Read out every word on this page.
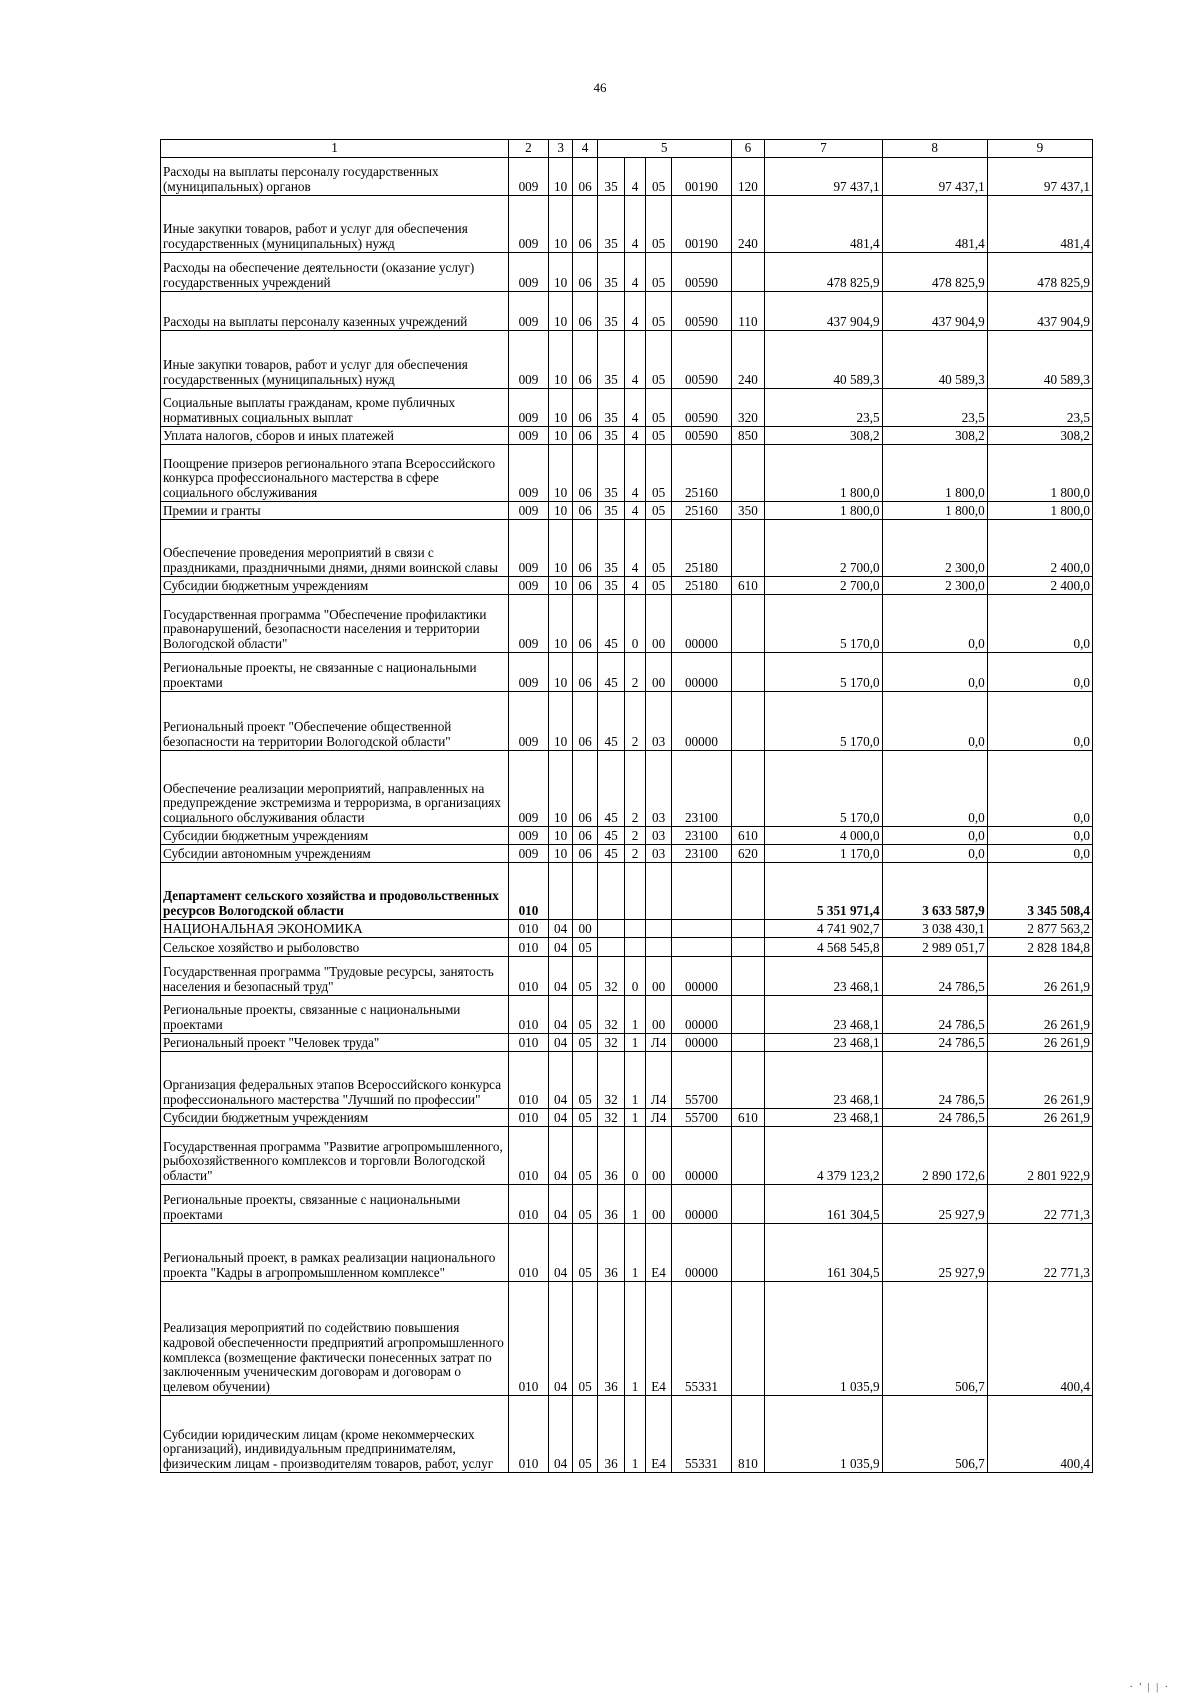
46
1	2	3	4	5				6	7	8	9
Расходы на выплаты персоналу государственных (муниципальных) органов	009	10	06	35	4	05	00190	120	97 437,1	97 437,1	97 437,1
Иные закупки товаров, работ и услуг для обеспечения государственных (муниципальных) нужд	009	10	06	35	4	05	00190	240	481,4	481,4	481,4
Расходы на обеспечение деятельности (оказание услуг) государственных учреждений	009	10	06	35	4	05	00590		478 825,9	478 825,9	478 825,9
Расходы на выплаты персоналу казенных учреждений	009	10	06	35	4	05	00590	110	437 904,9	437 904,9	437 904,9
Иные закупки товаров, работ и услуг для обеспечения государственных (муниципальных) нужд	009	10	06	35	4	05	00590	240	40 589,3	40 589,3	40 589,3
Социальные выплаты гражданам, кроме публичных нормативных социальных выплат	009	10	06	35	4	05	00590	320	23,5	23,5	23,5
Уплата налогов, сборов и иных платежей	009	10	06	35	4	05	00590	850	308,2	308,2	308,2
Поощрение призеров регионального этапа Всероссийского конкурса профессионального мастерства в сфере социального обслуживания	009	10	06	35	4	05	25160		1 800,0	1 800,0	1 800,0
Премии и гранты	009	10	06	35	4	05	25160	350	1 800,0	1 800,0	1 800,0
Обеспечение проведения мероприятий в связи с праздниками, праздничными днями, днями воинской славы	009	10	06	35	4	05	25180		2 700,0	2 300,0	2 400,0
Субсидии бюджетным учреждениям	009	10	06	35	4	05	25180	610	2 700,0	2 300,0	2 400,0
Государственная программа "Обеспечение профилактики правонарушений, безопасности населения и территории Вологодской области"	009	10	06	45	0	00	00000		5 170,0	0,0	0,0
Региональные проекты, не связанные с национальными проектами	009	10	06	45	2	00	00000		5 170,0	0,0	0,0
Региональный проект "Обеспечение общественной безопасности на территории Вологодской области"	009	10	06	45	2	03	00000		5 170,0	0,0	0,0
Обеспечение реализации мероприятий, направленных на предупреждение экстремизма и терроризма, в организациях социального обслуживания области	009	10	06	45	2	03	23100		5 170,0	0,0	0,0
Субсидии бюджетным учреждениям	009	10	06	45	2	03	23100	610	4 000,0	0,0	0,0
Субсидии автономным учреждениям	009	10	06	45	2	03	23100	620	1 170,0	0,0	0,0
Департамент сельского хозяйства и продовольственных ресурсов Вологодской области	010								5 351 971,4	3 633 587,9	3 345 508,4
НАЦИОНАЛЬНАЯ ЭКОНОМИКА	010	04	00						4 741 902,7	3 038 430,1	2 877 563,2
Сельское хозяйство и рыболовство	010	04	05						4 568 545,8	2 989 051,7	2 828 184,8
Государственная программа "Трудовые ресурсы, занятость населения и безопасный труд"	010	04	05	32	0	00	00000		23 468,1	24 786,5	26 261,9
Региональные проекты, связанные с национальными проектами	010	04	05	32	1	00	00000		23 468,1	24 786,5	26 261,9
Региональный проект "Человек труда"	010	04	05	32	1	Л4	00000		23 468,1	24 786,5	26 261,9
Организация федеральных этапов Всероссийского конкурса профессионального мастерства "Лучший по профессии"	010	04	05	32	1	Л4	55700		23 468,1	24 786,5	26 261,9
Субсидии бюджетным учреждениям	010	04	05	32	1	Л4	55700	610	23 468,1	24 786,5	26 261,9
Государственная программа "Развитие агропромышленного, рыбохозяйственного комплексов и торговли Вологодской области"	010	04	05	36	0	00	00000		4 379 123,2	2 890 172,6	2 801 922,9
Региональные проекты, связанные с национальными проектами	010	04	05	36	1	00	00000		161 304,5	25 927,9	22 771,3
Региональный проект, в рамках реализации национального проекта "Кадры в агропромышленном комплексе"	010	04	05	36	1	Е4	00000		161 304,5	25 927,9	22 771,3
Реализация мероприятий по содействию повышения кадровой обеспеченности предприятий агропромышленного комплекса (возмещение фактически понесенных затрат по заключенным ученическим договорам и договорам о целевом обучении)	010	04	05	36	1	Е4	55331		1 035,9	506,7	400,4
Субсидии юридическим лицам (кроме некоммерческих организаций), индивидуальным предпринимателям, физическим лицам - производителям товаров, работ, услуг	010	04	05	36	1	Е4	55331	810	1 035,9	506,7	400,4
· ' | | ·
